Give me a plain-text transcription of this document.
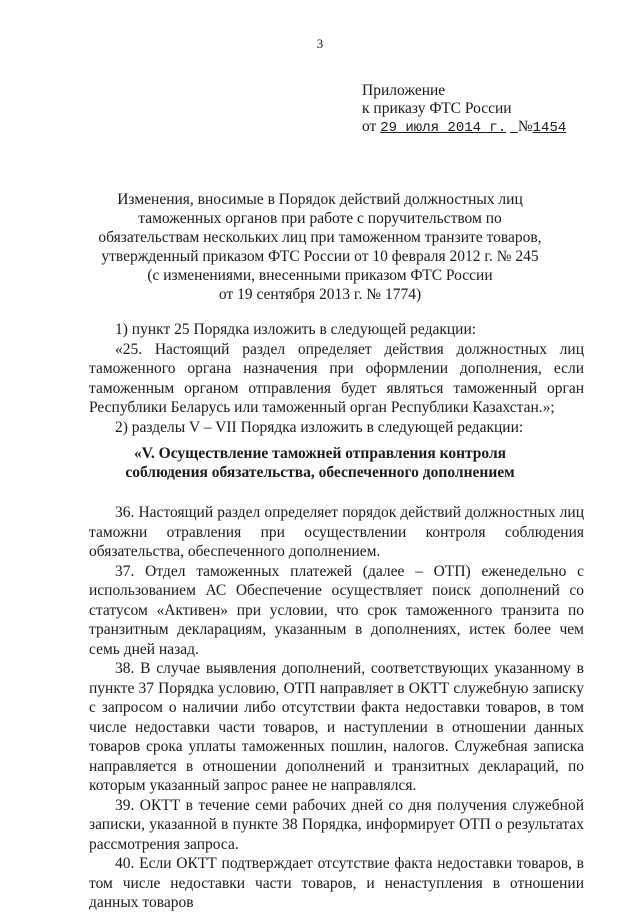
3
Приложение
к приказу ФТС России
от 29 июля 2014 г. №1454
Изменения, вносимые в Порядок действий должностных лиц
таможенных органов при работе с поручительством по
обязательствам нескольких лиц при таможенном транзите товаров,
утвержденный приказом ФТС России от 10 февраля 2012 г. № 245
(с изменениями, внесенными приказом ФТС России
от 19 сентября 2013 г. № 1774)

1) пункт 25 Порядка изложить в следующей редакции:

«25. Настоящий раздел определяет действия должностных лиц таможенного органа назначения при оформлении дополнения, если таможенным органом отправления будет являться таможенный орган Республики Беларусь или таможенный орган Республики Казахстан.»;

2) разделы V – VII Порядка изложить в следующей редакции:

«V. Осуществление таможней отправления контроля
соблюдения обязательства, обеспеченного дополнением

36. Настоящий раздел определяет порядок действий должностных лиц таможни отравления при осуществлении контроля соблюдения обязательства, обеспеченного дополнением.

37. Отдел таможенных платежей (далее – ОТП) еженедельно с использованием АС Обеспечение осуществляет поиск дополнений со статусом «Активен» при условии, что срок таможенного транзита по транзитным декларациям, указанным в дополнениях, истек более чем семь дней назад.

38. В случае выявления дополнений, соответствующих указанному в пункте 37 Порядка условию, ОТП направляет в ОКТТ служебную записку с запросом о наличии либо отсутствии факта недоставки товаров, в том числе недоставки части товаров, и наступлении в отношении данных товаров срока уплаты таможенных пошлин, налогов. Служебная записка направляется в отношении дополнений и транзитных деклараций, по которым указанный запрос ранее не направлялся.

39. ОКТТ в течение семи рабочих дней со дня получения служебной записки, указанной в пункте 38 Порядка, информирует ОТП о результатах рассмотрения запроса.

40. Если ОКТТ подтверждает отсутствие факта недоставки товаров, в том числе недоставки части товаров, и ненаступления в отношении данных товаров
